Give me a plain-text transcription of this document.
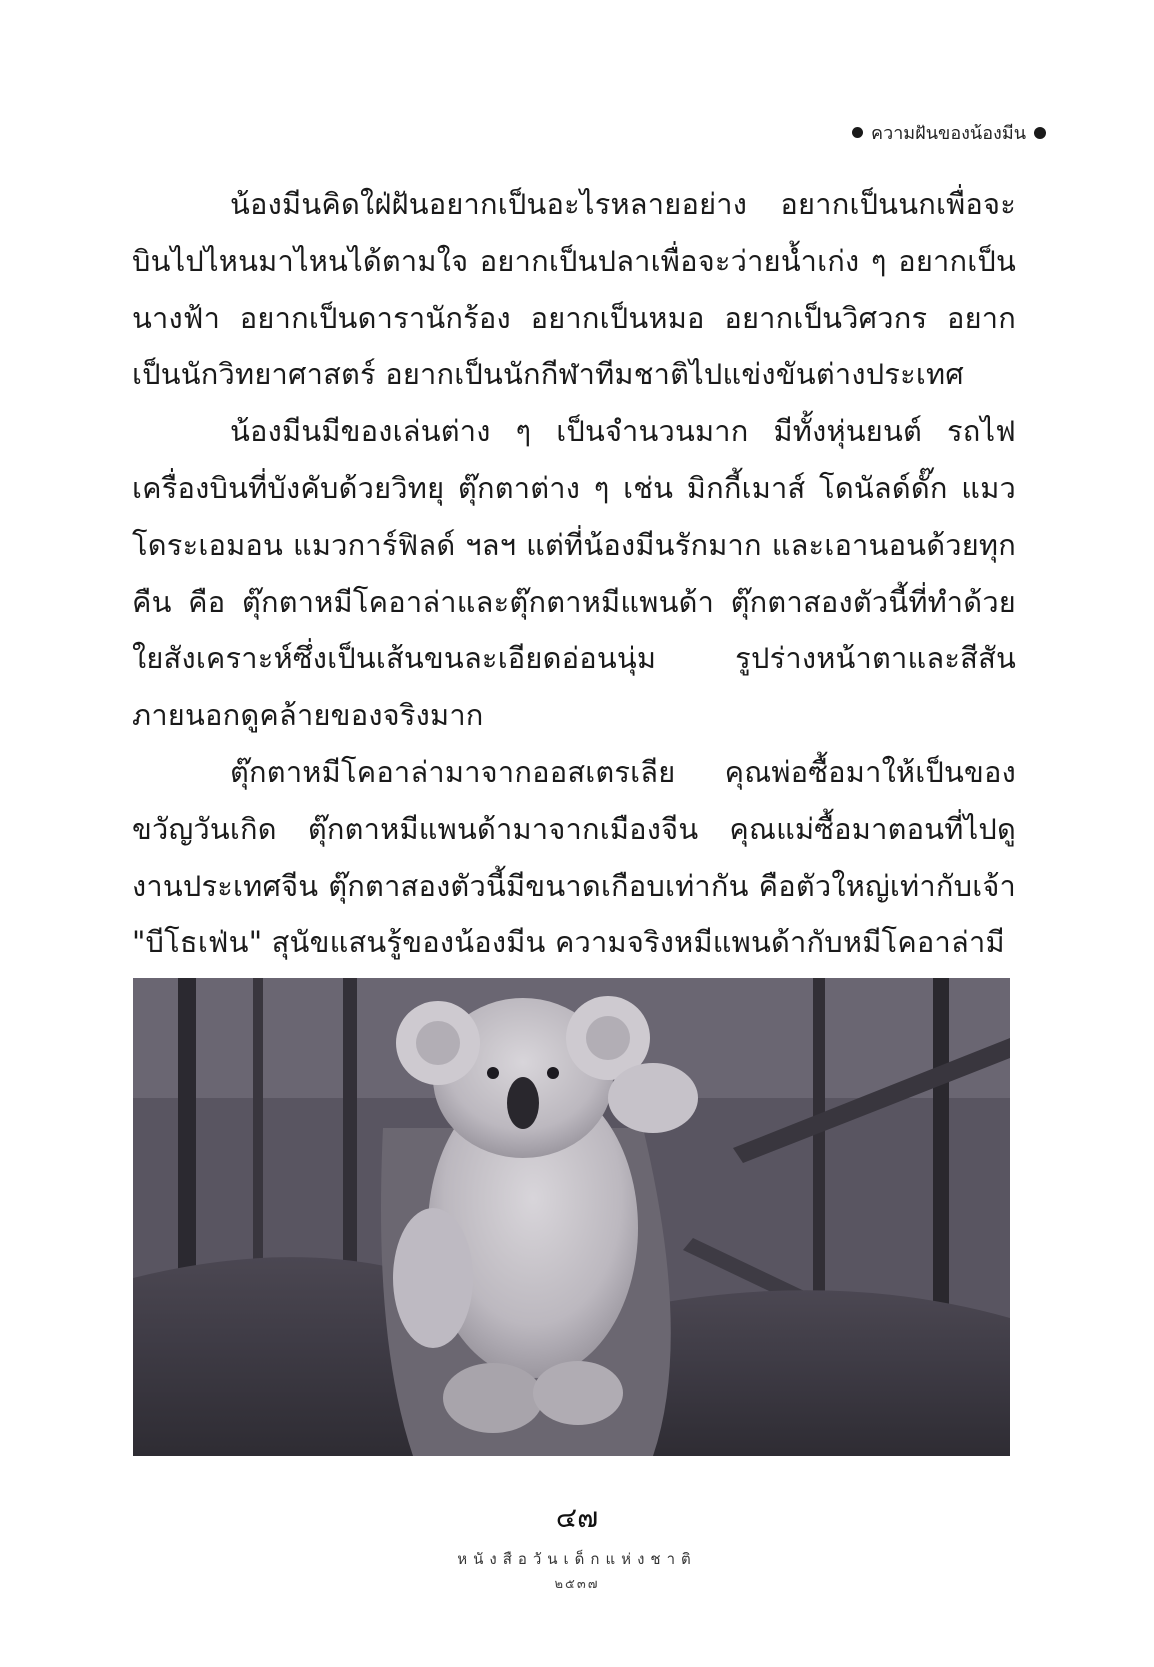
ความฝันของน้องมีน

น้องมีนคิดใฝ่ฝันอยากเป็นอะไรหลายอย่าง อยากเป็นนกเพื่อจะบินไปไหนมาไหนได้ตามใจ อยากเป็นปลาเพื่อจะว่ายน้ำเก่ง ๆ อยากเป็นนางฟ้า อยากเป็นดารานักร้อง อยากเป็นหมอ อยากเป็นวิศวกร อยากเป็นนักวิทยาศาสตร์ อยากเป็นนักกีฬาทีมชาติไปแข่งขันต่างประเทศ

น้องมีนมีของเล่นต่าง ๆ เป็นจำนวนมาก มีทั้งหุ่นยนต์ รถไฟ เครื่องบินที่บังคับด้วยวิทยุ ตุ๊กตาต่าง ๆ เช่น มิกกี้เมาส์ โดนัลด์ดั๊ก แมวโดระเอมอน แมวการ์ฟิลด์ ฯลฯ แต่ที่น้องมีนรักมาก และเอานอนด้วยทุกคืน คือ ตุ๊กตาหมีโคอาล่าและตุ๊กตาหมีแพนด้า ตุ๊กตาสองตัวนี้ที่ทำด้วยใยสังเคราะห์ซึ่งเป็นเส้นขนละเอียดอ่อนนุ่ม รูปร่างหน้าตาและสีสันภายนอกดูคล้ายของจริงมาก

ตุ๊กตาหมีโคอาล่ามาจากออสเตรเลีย คุณพ่อซื้อมาให้เป็นของขวัญวันเกิด ตุ๊กตาหมีแพนด้ามาจากเมืองจีน คุณแม่ซื้อมาตอนที่ไปดูงานประเทศจีน ตุ๊กตาสองตัวนี้มีขนาดเกือบเท่ากัน คือตัวใหญ่เท่ากับเจ้า "บีโธเฟ่น" สุนัขแสนรู้ของน้องมีน ความจริงหมีแพนด้ากับหมีโคอาล่ามี

๔๗
หนังสือวันเด็กแห่งชาติ
๒๕๓๗
